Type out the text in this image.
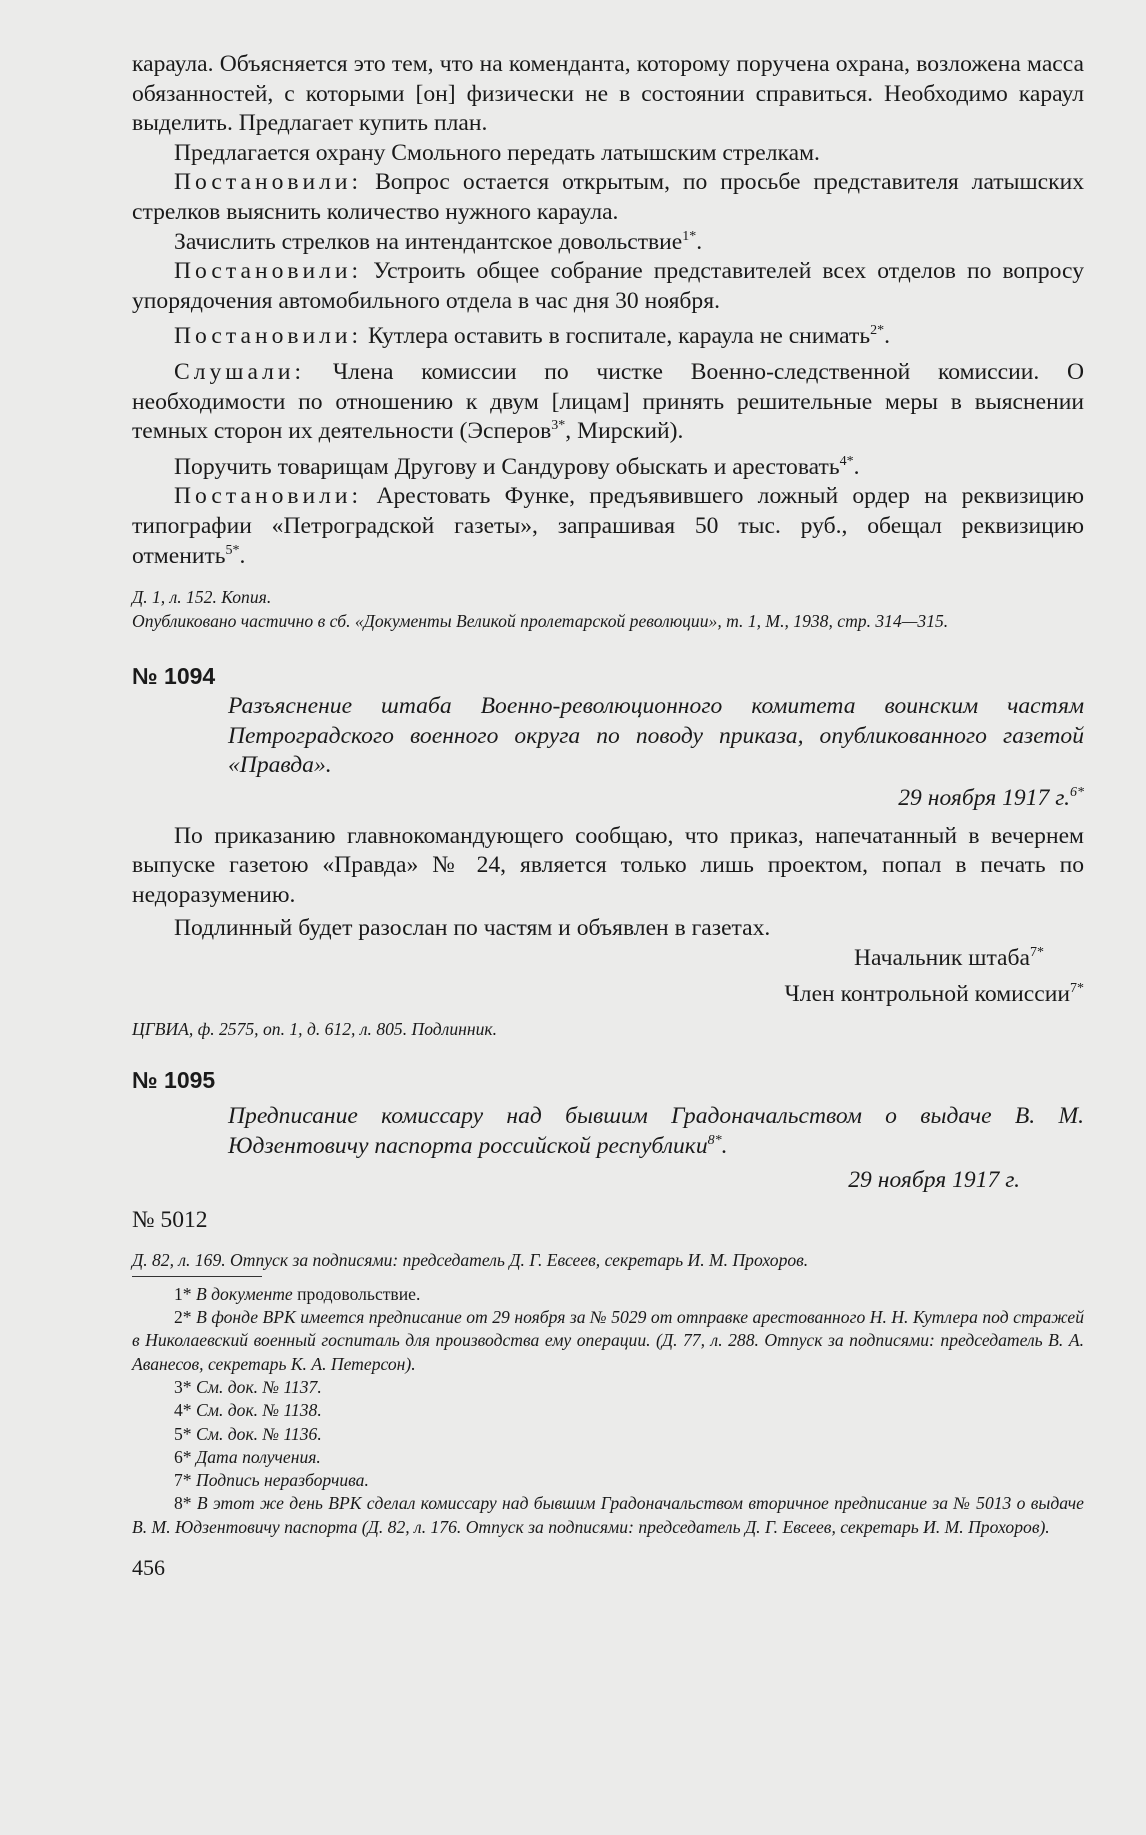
караула. Объясняется это тем, что на коменданта, которому поручена охрана, возложена масса обязанностей, с которыми [он] физически не в состоянии справиться. Необходимо караул выделить. Предлагает купить план.

Предлагается охрану Смольного передать латышским стрелкам.

Постановили: Вопрос остается открытым, по просьбе представителя латышских стрелков выяснить количество нужного караула.

Зачислить стрелков на интендантское довольствие$^{1*}$.

Постановили: Устроить общее собрание представителей всех отделов по вопросу упорядочения автомобильного отдела в час дня 30 ноября.

Постановили: Кутлера оставить в госпитале, караула не снимать$^{2*}$.

Слушали: Члена комиссии по чистке Военно-следственной комиссии. О необходимости по отношению к двум [лицам] принять решительные меры в выяснении темных сторон их деятельности (Эсперов$^{3*}$, Мирский).

Поручить товарищам Другову и Сандурову обыскать и арестовать$^{4*}$.

Постановили: Арестовать Функе, предъявившего ложный ордер на реквизицию типографии «Петроградской газеты», запрашивая 50 тыс. руб., обещал реквизицию отменить$^{5*}$.

Д. 1, л. 152. Копия.

Опубликовано частично в сб. «Документы Великой пролетарской революции», т. 1, М., 1938, стр. 314—315.

№ 1094

Разъяснение штаба Военно-революционного комитета воинским частям Петроградского военного округа по поводу приказа, опубликованного газетой «Правда».

29 ноября 1917 г.$^{6*}$

По приказанию главнокомандующего сообщаю, что приказ, напечатанный в вечернем выпуске газетою «Правда» № 24, является только лишь проектом, попал в печать по недоразумению.

Подлинный будет разослан по частям и объявлен в газетах.

Начальник штаба$^{7*}$

Член контрольной комиссии$^{7*}$

ЦГВИА, ф. 2575, оп. 1, д. 612, л. 805. Подлинник.

№ 1095

Предписание комиссару над бывшим Градоначальством о выдаче В. М. Юдзентовичу паспорта российской республики$^{8*}$.

29 ноября 1917 г.

№ 5012

Д. 82, л. 169. Отпуск за подписями: председатель Д. Г. Евсеев, секретарь И. М. Прохоров.

1* В документе продовольствие.

2* В фонде ВРК имеется предписание от 29 ноября за № 5029 от отправке арестованного Н. Н. Кутлера под стражей в Николаевский военный госпиталь для производства ему операции. (Д. 77, л. 288. Отпуск за подписями: председатель В. А. Аванесов, секретарь К. А. Петерсон).

3* См. док. № 1137.

4* См. док. № 1138.

5* См. док. № 1136.

6* Дата получения.

7* Подпись неразборчива.

8* В этот же день ВРК сделал комиссару над бывшим Градоначальством вторичное предписание за № 5013 о выдаче В. М. Юдзентовичу паспорта (Д. 82, л. 176. Отпуск за подписями: председатель Д. Г. Евсеев, секретарь И. М. Прохоров).

456
